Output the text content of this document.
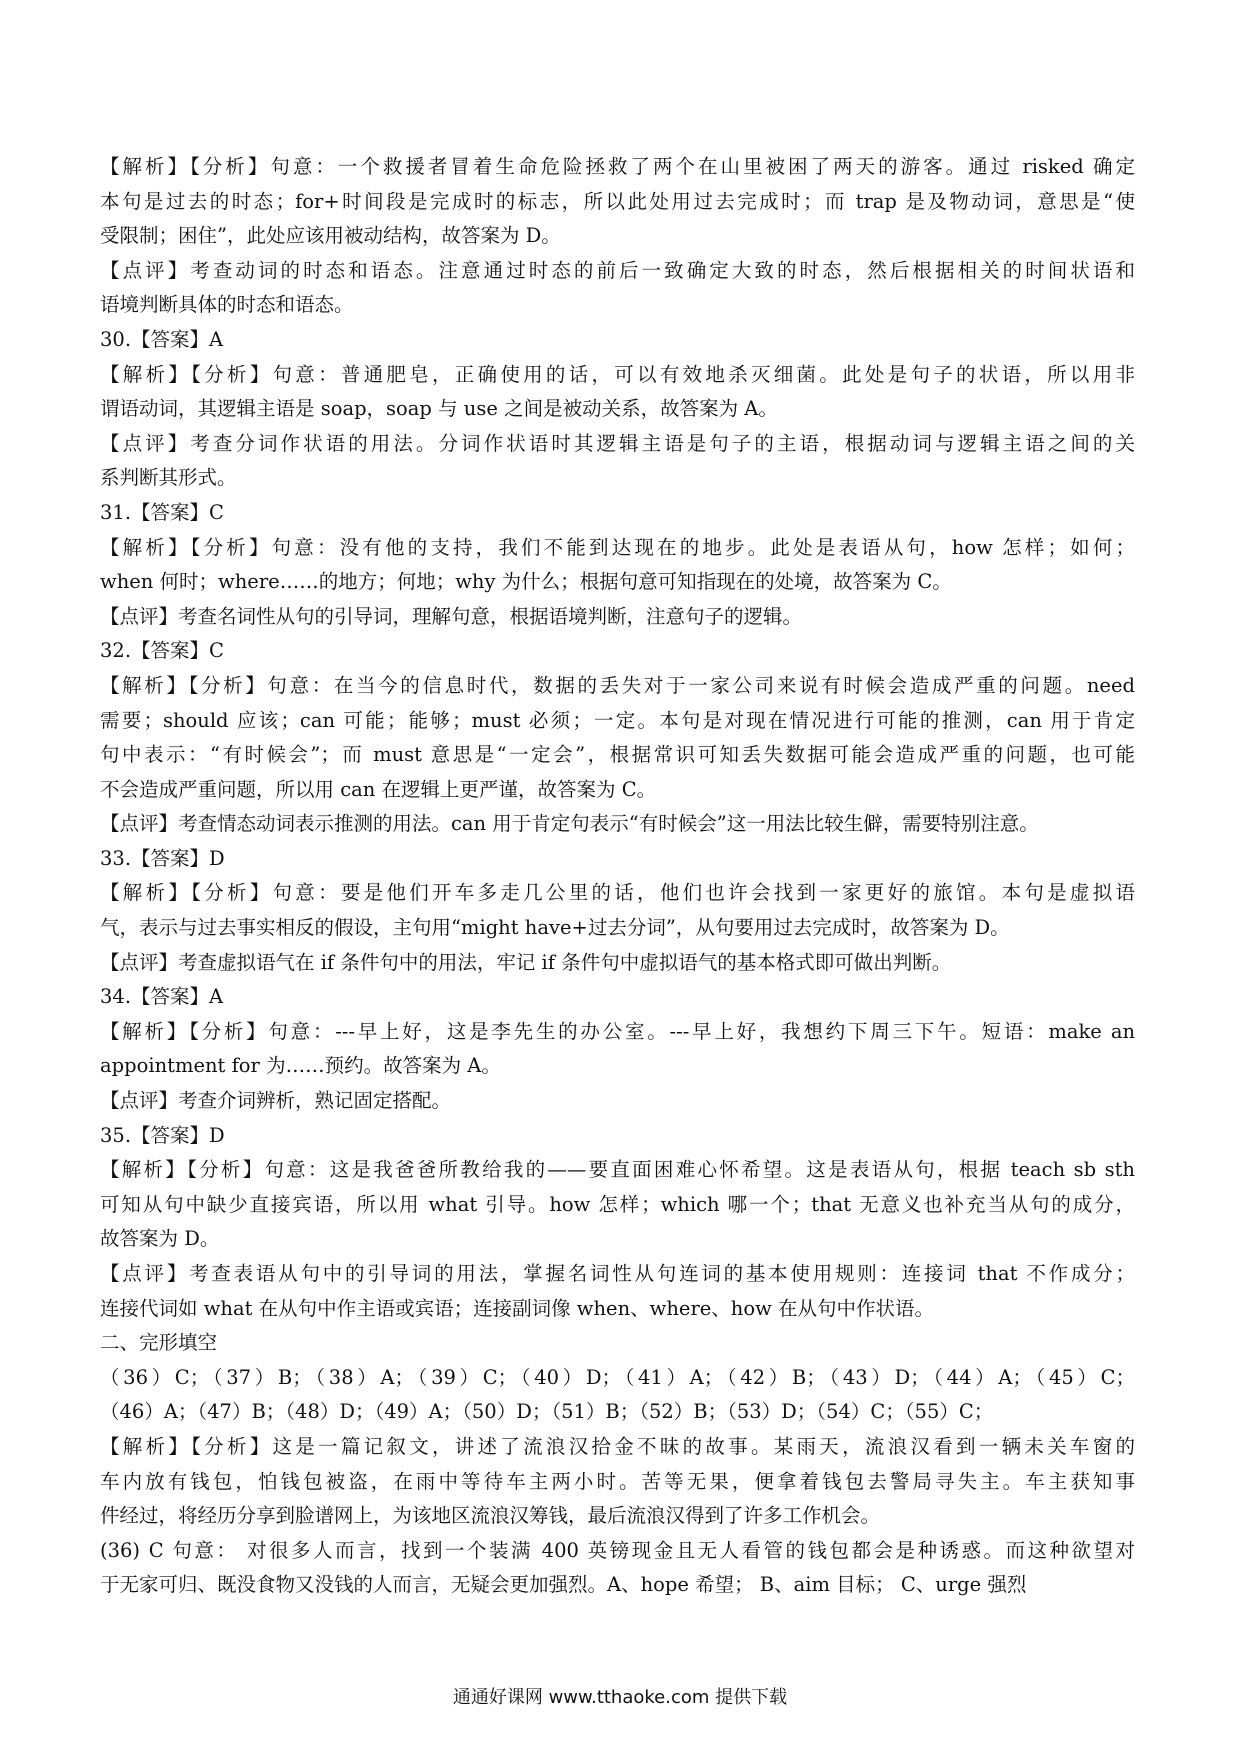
【解析】【分析】句意：一个救援者冒着生命危险拯救了两个在山里被困了两天的游客。通过 risked 确定
本句是过去的时态；for+时间段是完成时的标志，所以此处用过去完成时；而 trap 是及物动词，意思是“使
受限制；困住”，此处应该用被动结构，故答案为 D。
【点评】考查动词的时态和语态。注意通过时态的前后一致确定大致的时态，然后根据相关的时间状语和
语境判断具体的时态和语态。
30.【答案】A
【解析】【分析】句意：普通肥皂，正确使用的话，可以有效地杀灭细菌。此处是句子的状语，所以用非
谓语动词，其逻辑主语是 soap，soap 与 use 之间是被动关系，故答案为 A。
【点评】考查分词作状语的用法。分词作状语时其逻辑主语是句子的主语，根据动词与逻辑主语之间的关
系判断其形式。
31.【答案】C
【解析】【分析】句意：没有他的支持，我们不能到达现在的地步。此处是表语从句，how 怎样；如何；
when 何时；where……的地方；何地；why 为什么；根据句意可知指现在的处境，故答案为 C。
【点评】考查名词性从句的引导词，理解句意，根据语境判断，注意句子的逻辑。
32.【答案】C
【解析】【分析】句意：在当今的信息时代，数据的丢失对于一家公司来说有时候会造成严重的问题。need
需要；should 应该；can 可能；能够；must 必须；一定。本句是对现在情况进行可能的推测，can 用于肯定
句中表示：“有时候会”；而 must 意思是“一定会”，根据常识可知丢失数据可能会造成严重的问题，也可能
不会造成严重问题，所以用 can 在逻辑上更严谨，故答案为 C。
【点评】考查情态动词表示推测的用法。can 用于肯定句表示“有时候会”这一用法比较生僻，需要特别注意。
33.【答案】D
【解析】【分析】句意：要是他们开车多走几公里的话，他们也许会找到一家更好的旅馆。本句是虚拟语
气，表示与过去事实相反的假设，主句用“might have+过去分词”，从句要用过去完成时，故答案为 D。
【点评】考查虚拟语气在 if 条件句中的用法，牢记 if 条件句中虚拟语气的基本格式即可做出判断。
34.【答案】A
【解析】【分析】句意：---早上好，这是李先生的办公室。---早上好，我想约下周三下午。短语：make an
appointment for 为……预约。故答案为 A。
【点评】考查介词辨析，熟记固定搭配。
35.【答案】D
【解析】【分析】句意：这是我爸爸所教给我的——要直面困难心怀希望。这是表语从句，根据 teach sb sth
可知从句中缺少直接宾语，所以用 what 引导。how 怎样；which 哪一个；that 无意义也补充当从句的成分，
故答案为 D。
【点评】考查表语从句中的引导词的用法，掌握名词性从句连词的基本使用规则：连接词 that 不作成分；
连接代词如 what 在从句中作主语或宾语；连接副词像 when、where、how 在从句中作状语。
二、完形填空
（36）C；（37）B；（38）A；（39）C；（40）D；（41）A；（42）B；（43）D；（44）A；（45）C；
（46）A；（47）B；（48）D；（49）A；（50）D；（51）B；（52）B；（53）D；（54）C；（55）C；
【解析】【分析】这是一篇记叙文，讲述了流浪汉拾金不昧的故事。某雨天，流浪汉看到一辆未关车窗的
车内放有钱包，怕钱包被盗，在雨中等待车主两小时。苦等无果，便拿着钱包去警局寻失主。车主获知事
件经过，将经历分享到脸谱网上，为该地区流浪汉筹钱，最后流浪汉得到了许多工作机会。
(36) C 句意： 对很多人而言，找到一个装满 400 英镑现金且无人看管的钱包都会是种诱惑。而这种欲望对
于无家可归、既没食物又没钱的人而言，无疑会更加强烈。A、hope 希望； B、aim 目标； C、urge 强烈
通通好课网 www.tthaoke.com 提供下载
